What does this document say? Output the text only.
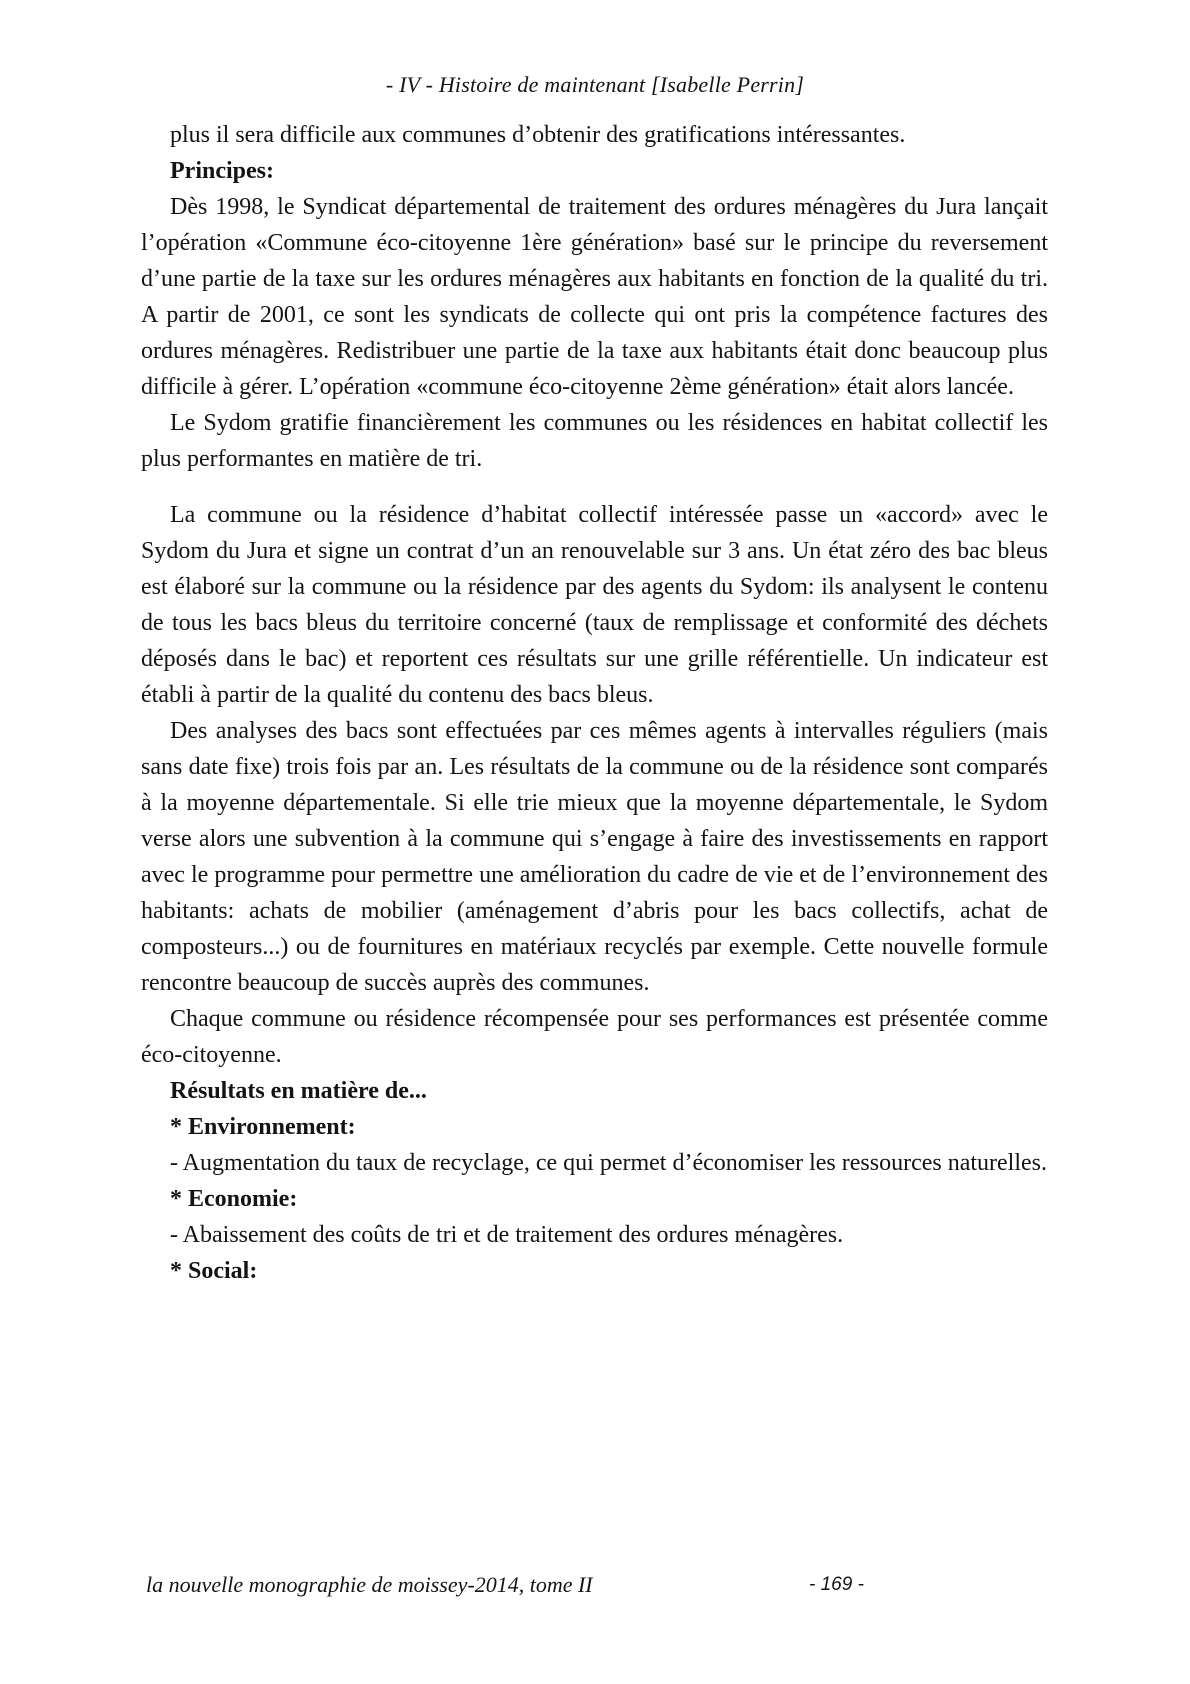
- IV - Histoire de maintenant [Isabelle Perrin]

plus il sera difficile aux communes d’obtenir des gratifications intéressantes.

Principes:

Dès 1998, le Syndicat départemental de traitement des ordures ménagères du Jura lançait l’opération «Commune éco-citoyenne 1ère génération» basé sur le principe du reversement d’une partie de la taxe sur les ordures ménagères aux habitants en fonction de la qualité du tri. A partir de 2001, ce sont les syndicats de collecte qui ont pris la compétence factures des ordures ménagères. Redistribuer une partie de la taxe aux habitants était donc beaucoup plus difficile à gérer. L’opération «commune éco-citoyenne 2ème génération» était alors lancée.

Le Sydom gratifie financièrement les communes ou les résidences en habitat collectif les plus performantes en matière de tri.

La commune ou la résidence d’habitat collectif intéressée passe un «accord» avec le Sydom du Jura et signe un contrat d’un an renouvelable sur 3 ans. Un état zéro des bac bleus est élaboré sur la commune ou la résidence par des agents du Sydom: ils analysent le contenu de tous les bacs bleus du territoire concerné (taux de remplissage et conformité des déchets déposés dans le bac) et reportent ces résultats sur une grille référentielle. Un indicateur est établi à partir de la qualité du contenu des bacs bleus.

Des analyses des bacs sont effectuées par ces mêmes agents à intervalles réguliers (mais sans date fixe) trois fois par an. Les résultats de la commune ou de la résidence sont comparés à la moyenne départementale. Si elle trie mieux que la moyenne départementale, le Sydom verse alors une subvention à la commune qui s’engage à faire des investissements en rapport avec le programme pour permettre une amélioration du cadre de vie et de l’environnement des habitants: achats de mobilier (aménagement d’abris pour les bacs collectifs, achat de composteurs...) ou de fournitures en matériaux recyclés par exemple. Cette nouvelle formule rencontre beaucoup de succès auprès des communes.

Chaque commune ou résidence récompensée pour ses performances est présentée comme éco-citoyenne.

Résultats en matière de...

* Environnement:

- Augmentation du taux de recyclage, ce qui permet d’économiser les ressources naturelles.

* Economie:

- Abaissement des coûts de tri et de traitement des ordures ménagères.

* Social:

la nouvelle monographie de moissey-2014, tome II	- 169 -
